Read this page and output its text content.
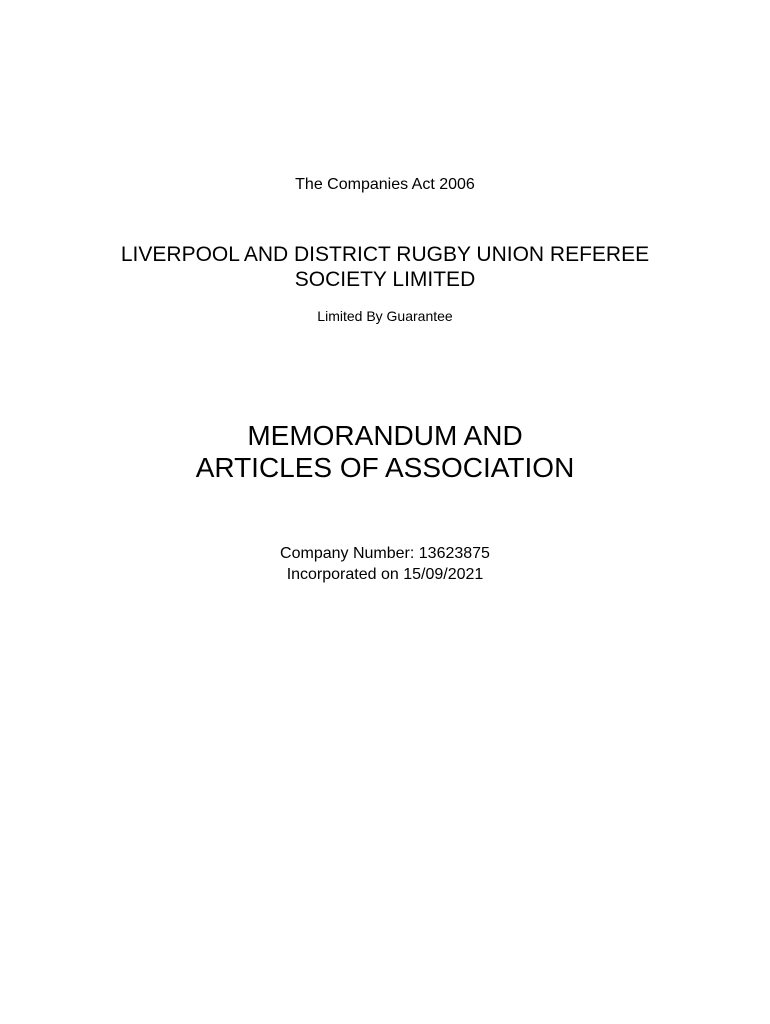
The Companies Act 2006
LIVERPOOL AND DISTRICT RUGBY UNION REFEREE
SOCIETY LIMITED
Limited By Guarantee
MEMORANDUM AND
ARTICLES OF ASSOCIATION
Company Number: 13623875
Incorporated on 15/09/2021
